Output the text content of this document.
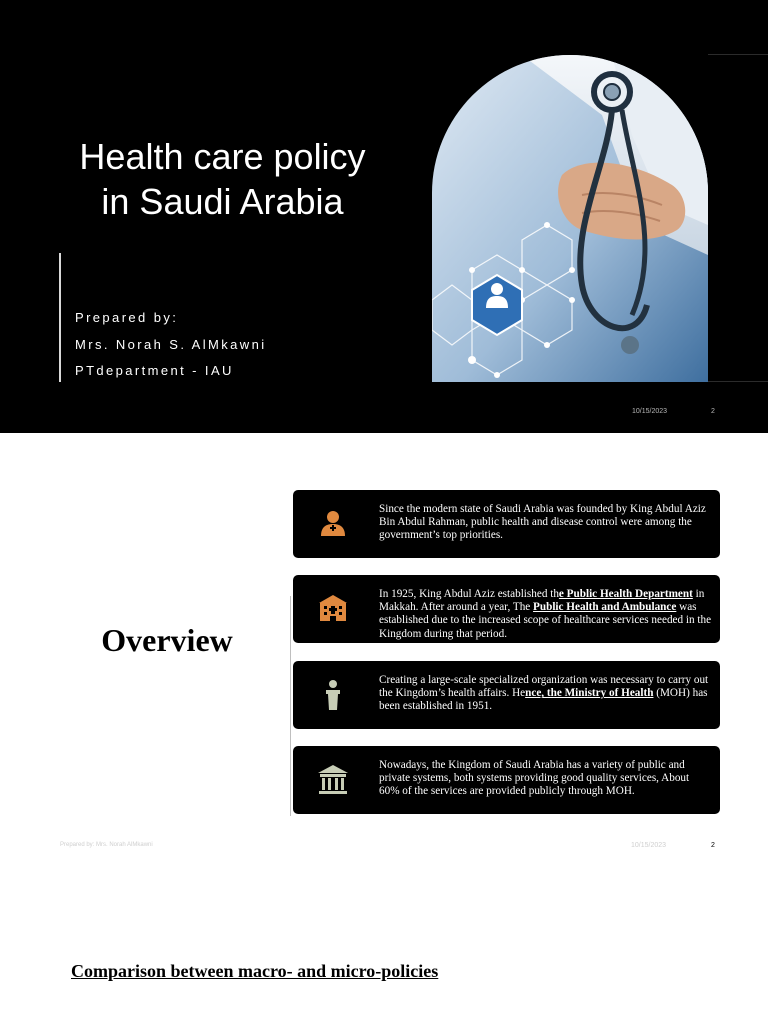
Health care policy
in Saudi Arabia
Prepared by:
Mrs. Norah S. AlMkawni
PTdepartment - IAU
10/15/2023	2
Overview
Since the modern state of Saudi Arabia was founded by King Abdul Aziz Bin Abdul Rahman, public health and disease control were among the government’s top priorities.
In 1925, King Abdul Aziz established the Public Health Department in Makkah. After around a year, The Public Health and Ambulance was established due to the increased scope of healthcare services needed in the Kingdom during that period.
Creating a large-scale specialized organization was necessary to carry out the Kingdom’s health affairs. Hence, the Ministry of Health (MOH) has been established in 1951.
Nowadays, the Kingdom of Saudi Arabia has a variety of public and private systems, both systems providing good quality services, About
60% of the services are provided publicly through MOH.
Prepared by: Mrs. Norah AlMkawni	10/15/2023	2
Comparison between macro- and micro-policies
